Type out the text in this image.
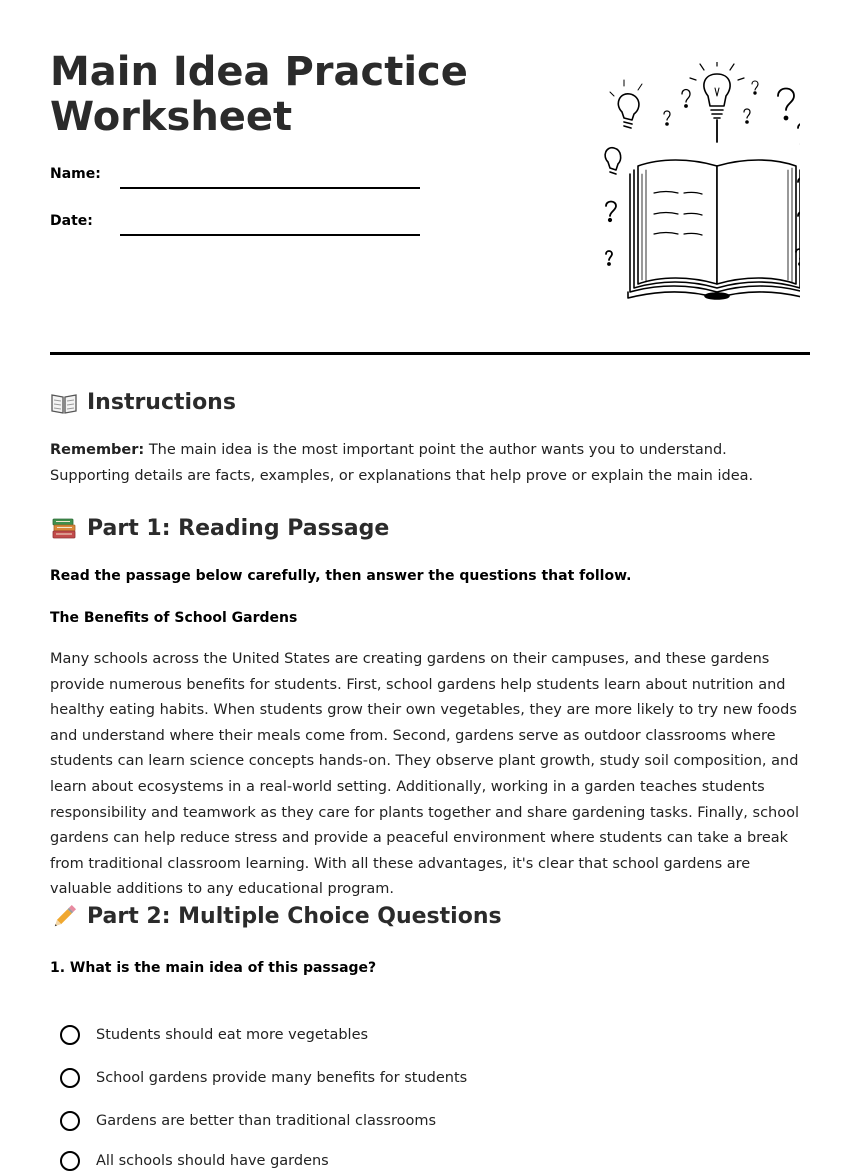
Main Idea Practice Worksheet
Name:
Date:
Instructions

Remember: The main idea is the most important point the author wants you to understand. Supporting details are facts, examples, or explanations that help prove or explain the main idea.

Part 1: Reading Passage

Read the passage below carefully, then answer the questions that follow.

The Benefits of School Gardens

Many schools across the United States are creating gardens on their campuses, and these gardens provide numerous benefits for students. First, school gardens help students learn about nutrition and healthy eating habits. When students grow their own vegetables, they are more likely to try new foods and understand where their meals come from. Second, gardens serve as outdoor classrooms where students can learn science concepts hands-on. They observe plant growth, study soil composition, and learn about ecosystems in a real-world setting. Additionally, working in a garden teaches students responsibility and teamwork as they care for plants together and share gardening tasks. Finally, school gardens can help reduce stress and provide a peaceful environment where students can take a break from traditional classroom learning. With all these advantages, it's clear that school gardens are valuable additions to any educational program.

Part 2: Multiple Choice Questions

1. What is the main idea of this passage?

Students should eat more vegetables
School gardens provide many benefits for students
Gardens are better than traditional classrooms
All schools should have gardens
